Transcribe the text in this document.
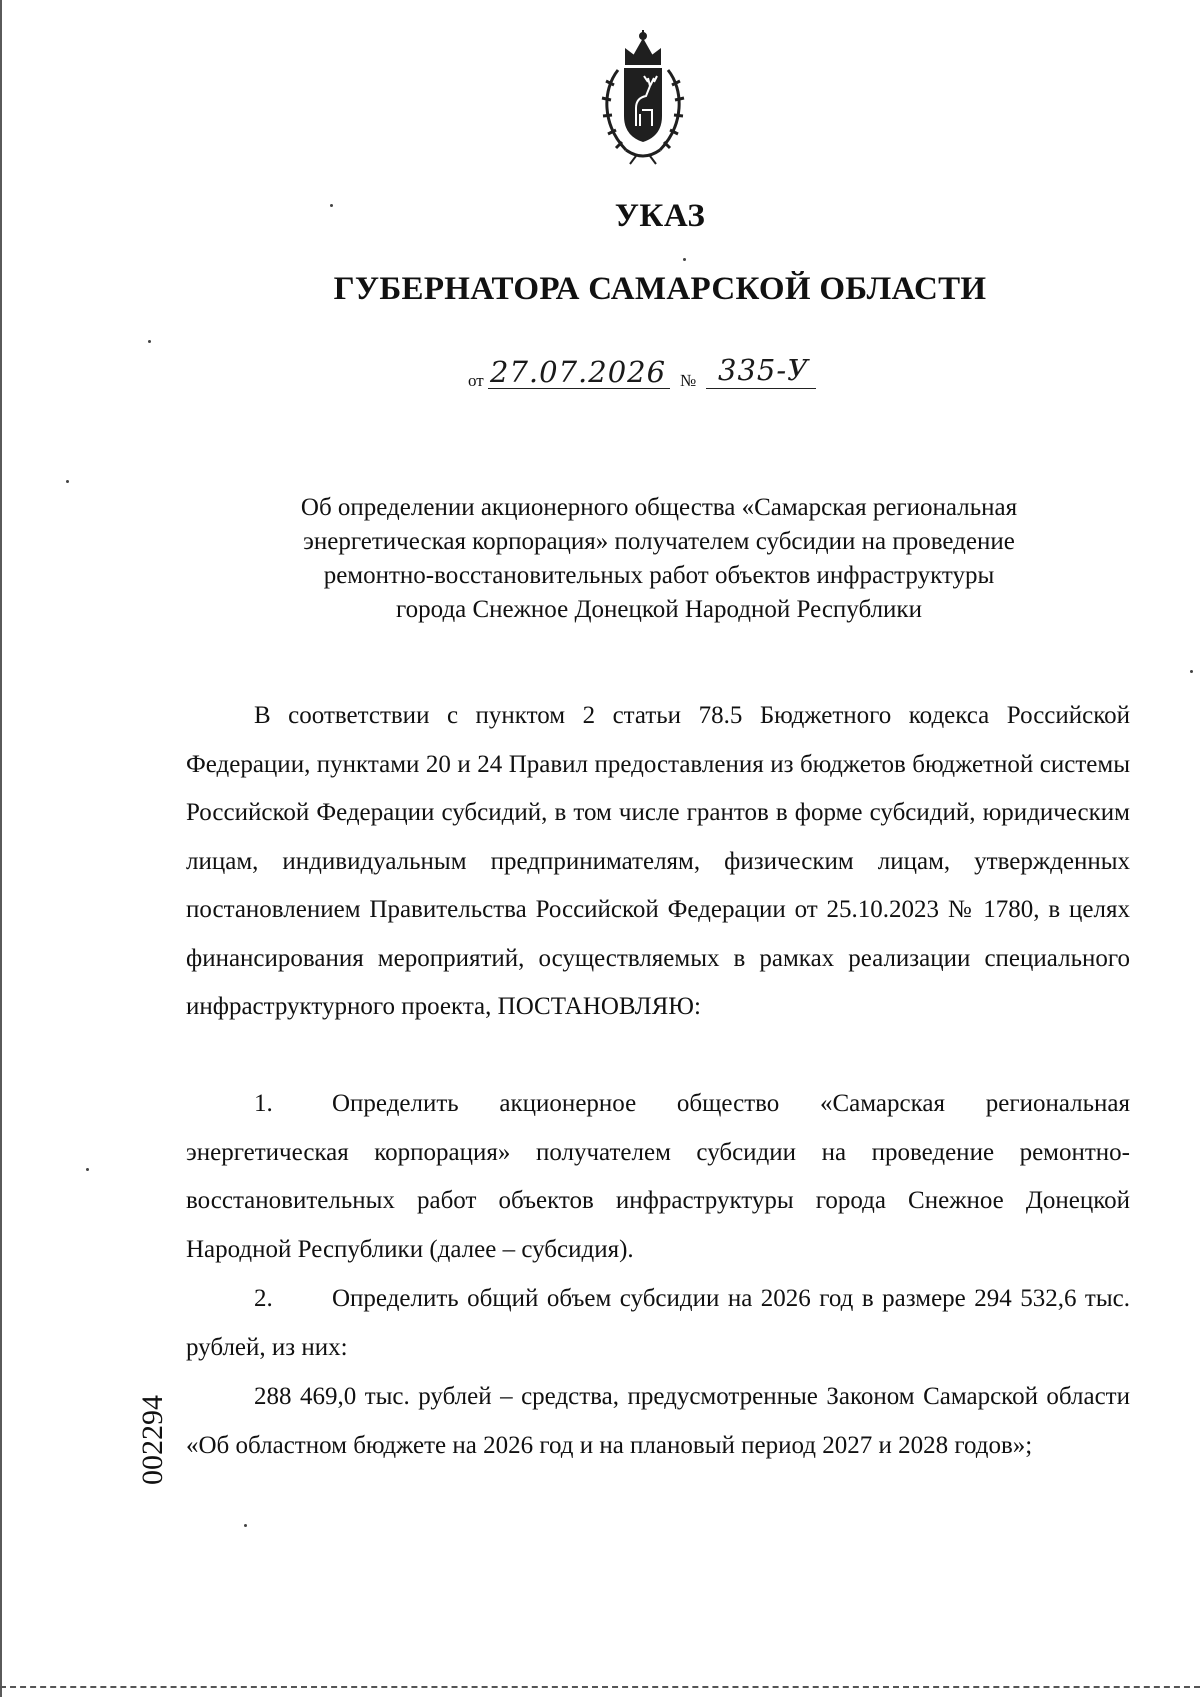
УКАЗ
ГУБЕРНАТОРА САМАРСКОЙ ОБЛАСТИ
от 27.07.2026 № 335-У
Об определении акционерного общества «Самарская региональная
энергетическая корпорация» получателем субсидии на проведение
ремонтно-восстановительных работ объектов инфраструктуры
города Снежное Донецкой Народной Республики
В соответствии с пунктом 2 статьи 78.5 Бюджетного кодекса Российской Федерации, пунктами 20 и 24 Правил предоставления из бюджетов бюджетной системы Российской Федерации субсидий, в том числе грантов в форме субсидий, юридическим лицам, индивидуальным предпринимателям, физическим лицам, утвержденных постановлением Правительства Российской Федерации от 25.10.2023 № 1780, в целях финансирования мероприятий, осуществляемых в рамках реализации специального инфраструктурного проекта, ПОСТАНОВЛЯЮ:
1. Определить акционерное общество «Самарская региональная энергетическая корпорация» получателем субсидии на проведение ремонтно-восстановительных работ объектов инфраструктуры города Снежное Донецкой Народной Республики (далее – субсидия).
2. Определить общий объем субсидии на 2026 год в размере 294 532,6 тыс. рублей, из них:
288 469,0 тыс. рублей – средства, предусмотренные Законом Самарской области «Об областном бюджете на 2026 год и на плановый период 2027 и 2028 годов»;
002294
